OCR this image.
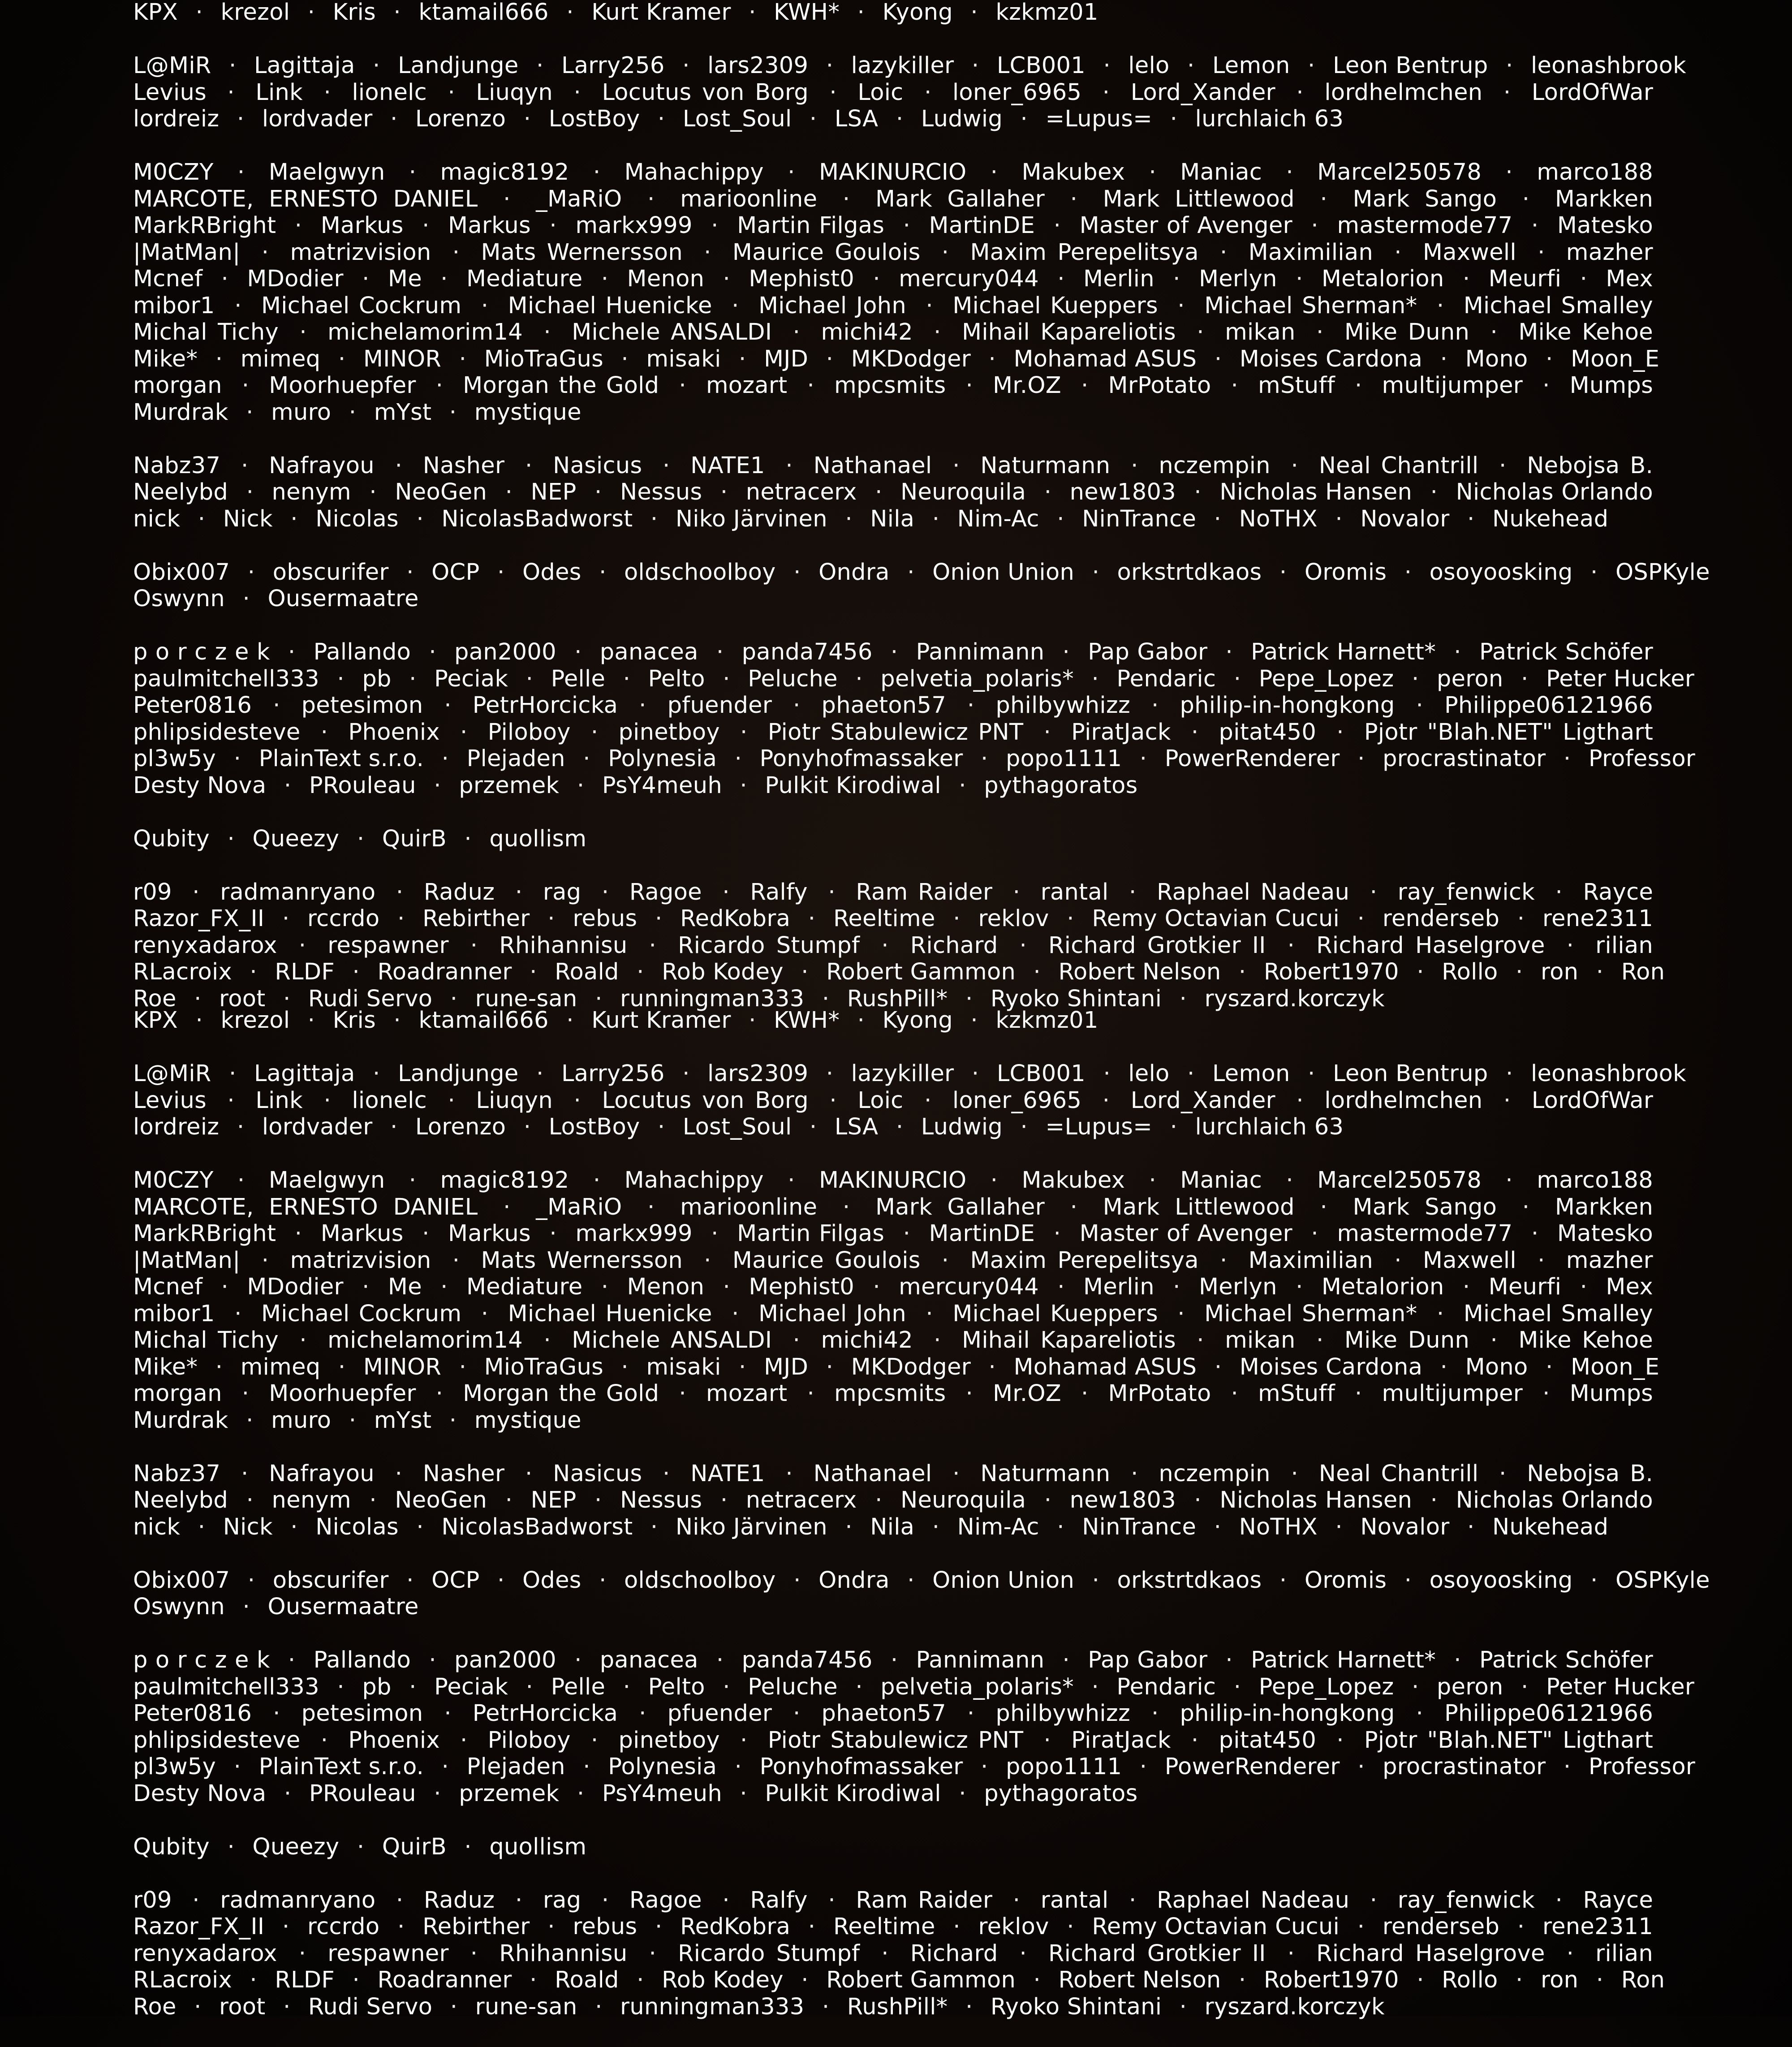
KPX · krezol · Kris · ktamail666 · Kurt Kramer · KWH* · Kyong · kzkmz01
L@MiR · Lagittaja · Landjunge · Larry256 · lars2309 · lazykiller · LCB001 · lelo · Lemon · Leon Bentrup · leonashbrook
Levius · Link · lionelc · Liuqyn · Locutus von Borg · Loic · loner_6965 · Lord_Xander · lordhelmchen · LordOfWar
lordreiz · lordvader · Lorenzo · LostBoy · Lost_Soul · LSA · Ludwig · =Lupus= · lurchlaich 63
M0CZY · Maelgwyn · magic8192 · Mahachippy · MAKINURCIO · Makubex · Maniac · Marcel250578 · marco188
MARCOTE, ERNESTO DANIEL · _MaRiO · marioonline · Mark Gallaher · Mark Littlewood · Mark Sango · Markken
MarkRBright · Markus · Markus · markx999 · Martin Filgas · MartinDE · Master of Avenger · mastermode77 · Matesko
|MatMan| · matrizvision · Mats Wernersson · Maurice Goulois · Maxim Perepelitsya · Maximilian · Maxwell · mazher
Mcnef · MDodier · Me · Mediature · Menon · Mephist0 · mercury044 · Merlin · Merlyn · Metalorion · Meurfi · Mex
mibor1 · Michael Cockrum · Michael Huenicke · Michael John · Michael Kueppers · Michael Sherman* · Michael Smalley
Michal Tichy · michelamorim14 · Michele ANSALDI · michi42 · Mihail Kapareliotis · mikan · Mike Dunn · Mike Kehoe
Mike* · mimeq · MINOR · MioTraGus · misaki · MJD · MKDodger · Mohamad ASUS · Moises Cardona · Mono · Moon_E
morgan · Moorhuepfer · Morgan the Gold · mozart · mpcsmits · Mr.OZ · MrPotato · mStuff · multijumper · Mumps
Murdrak · muro · mYst · mystique
Nabz37 · Nafrayou · Nasher · Nasicus · NATE1 · Nathanael · Naturmann · nczempin · Neal Chantrill · Nebojsa B.
Neelybd · nenym · NeoGen · NEP · Nessus · netracerx · Neuroquila · new1803 · Nicholas Hansen · Nicholas Orlando
nick · Nick · Nicolas · NicolasBadworst · Niko Järvinen · Nila · Nim-Ac · NinTrance · NoTHX · Novalor · Nukehead
Obix007 · obscurifer · OCP · Odes · oldschoolboy · Ondra · Onion Union · orkstrtdkaos · Oromis · osoyoosking · OSPKyle
Oswynn · Ousermaatre
p o r c z e k · Pallando · pan2000 · panacea · panda7456 · Pannimann · Pap Gabor · Patrick Harnett* · Patrick Schöfer
paulmitchell333 · pb · Peciak · Pelle · Pelto · Peluche · pelvetia_polaris* · Pendaric · Pepe_Lopez · peron · Peter Hucker
Peter0816 · petesimon · PetrHorcicka · pfuender · phaeton57 · philbywhizz · philip-in-hongkong · Philippe06121966
phlipsidesteve · Phoenix · Piloboy · pinetboy · Piotr Stabulewicz PNT · PiratJack · pitat450 · Pjotr "Blah.NET" Ligthart
pl3w5y · PlainText s.r.o. · Plejaden · Polynesia · Ponyhofmassaker · popo1111 · PowerRenderer · procrastinator · Professor
Desty Nova · PRouleau · przemek · PsY4meuh · Pulkit Kirodiwal · pythagoratos
Qubity · Queezy · QuirB · quollism
r09 · radmanryano · Raduz · rag · Ragoe · Ralfy · Ram Raider · rantal · Raphael Nadeau · ray_fenwick · Rayce
Razor_FX_II · rccrdo · Rebirther · rebus · RedKobra · Reeltime · reklov · Remy Octavian Cucui · renderseb · rene2311
renyxadarox · respawner · Rhihannisu · Ricardo Stumpf · Richard · Richard Grotkier II · Richard Haselgrove · rilian
RLacroix · RLDF · Roadranner · Roald · Rob Kodey · Robert Gammon · Robert Nelson · Robert1970 · Rollo · ron · Ron
Roe · root · Rudi Servo · rune-san · runningman333 · RushPill* · Ryoko Shintani · ryszard.korczyk
KPX · krezol · Kris · ktamail666 · Kurt Kramer · KWH* · Kyong · kzkmz01
L@MiR · Lagittaja · Landjunge · Larry256 · lars2309 · lazykiller · LCB001 · lelo · Lemon · Leon Bentrup · leonashbrook
Levius · Link · lionelc · Liuqyn · Locutus von Borg · Loic · loner_6965 · Lord_Xander · lordhelmchen · LordOfWar
lordreiz · lordvader · Lorenzo · LostBoy · Lost_Soul · LSA · Ludwig · =Lupus= · lurchlaich 63
M0CZY · Maelgwyn · magic8192 · Mahachippy · MAKINURCIO · Makubex · Maniac · Marcel250578 · marco188
MARCOTE, ERNESTO DANIEL · _MaRiO · marioonline · Mark Gallaher · Mark Littlewood · Mark Sango · Markken
MarkRBright · Markus · Markus · markx999 · Martin Filgas · MartinDE · Master of Avenger · mastermode77 · Matesko
|MatMan| · matrizvision · Mats Wernersson · Maurice Goulois · Maxim Perepelitsya · Maximilian · Maxwell · mazher
Mcnef · MDodier · Me · Mediature · Menon · Mephist0 · mercury044 · Merlin · Merlyn · Metalorion · Meurfi · Mex
mibor1 · Michael Cockrum · Michael Huenicke · Michael John · Michael Kueppers · Michael Sherman* · Michael Smalley
Michal Tichy · michelamorim14 · Michele ANSALDI · michi42 · Mihail Kapareliotis · mikan · Mike Dunn · Mike Kehoe
Mike* · mimeq · MINOR · MioTraGus · misaki · MJD · MKDodger · Mohamad ASUS · Moises Cardona · Mono · Moon_E
morgan · Moorhuepfer · Morgan the Gold · mozart · mpcsmits · Mr.OZ · MrPotato · mStuff · multijumper · Mumps
Murdrak · muro · mYst · mystique
Nabz37 · Nafrayou · Nasher · Nasicus · NATE1 · Nathanael · Naturmann · nczempin · Neal Chantrill · Nebojsa B.
Neelybd · nenym · NeoGen · NEP · Nessus · netracerx · Neuroquila · new1803 · Nicholas Hansen · Nicholas Orlando
nick · Nick · Nicolas · NicolasBadworst · Niko Järvinen · Nila · Nim-Ac · NinTrance · NoTHX · Novalor · Nukehead
Obix007 · obscurifer · OCP · Odes · oldschoolboy · Ondra · Onion Union · orkstrtdkaos · Oromis · osoyoosking · OSPKyle
Oswynn · Ousermaatre
p o r c z e k · Pallando · pan2000 · panacea · panda7456 · Pannimann · Pap Gabor · Patrick Harnett* · Patrick Schöfer
paulmitchell333 · pb · Peciak · Pelle · Pelto · Peluche · pelvetia_polaris* · Pendaric · Pepe_Lopez · peron · Peter Hucker
Peter0816 · petesimon · PetrHorcicka · pfuender · phaeton57 · philbywhizz · philip-in-hongkong · Philippe06121966
phlipsidesteve · Phoenix · Piloboy · pinetboy · Piotr Stabulewicz PNT · PiratJack · pitat450 · Pjotr "Blah.NET" Ligthart
pl3w5y · PlainText s.r.o. · Plejaden · Polynesia · Ponyhofmassaker · popo1111 · PowerRenderer · procrastinator · Professor
Desty Nova · PRouleau · przemek · PsY4meuh · Pulkit Kirodiwal · pythagoratos
Qubity · Queezy · QuirB · quollism
r09 · radmanryano · Raduz · rag · Ragoe · Ralfy · Ram Raider · rantal · Raphael Nadeau · ray_fenwick · Rayce
Razor_FX_II · rccrdo · Rebirther · rebus · RedKobra · Reeltime · reklov · Remy Octavian Cucui · renderseb · rene2311
renyxadarox · respawner · Rhihannisu · Ricardo Stumpf · Richard · Richard Grotkier II · Richard Haselgrove · rilian
RLacroix · RLDF · Roadranner · Roald · Rob Kodey · Robert Gammon · Robert Nelson · Robert1970 · Rollo · ron · Ron
Roe · root · Rudi Servo · rune-san · runningman333 · RushPill* · Ryoko Shintani · ryszard.korczyk
